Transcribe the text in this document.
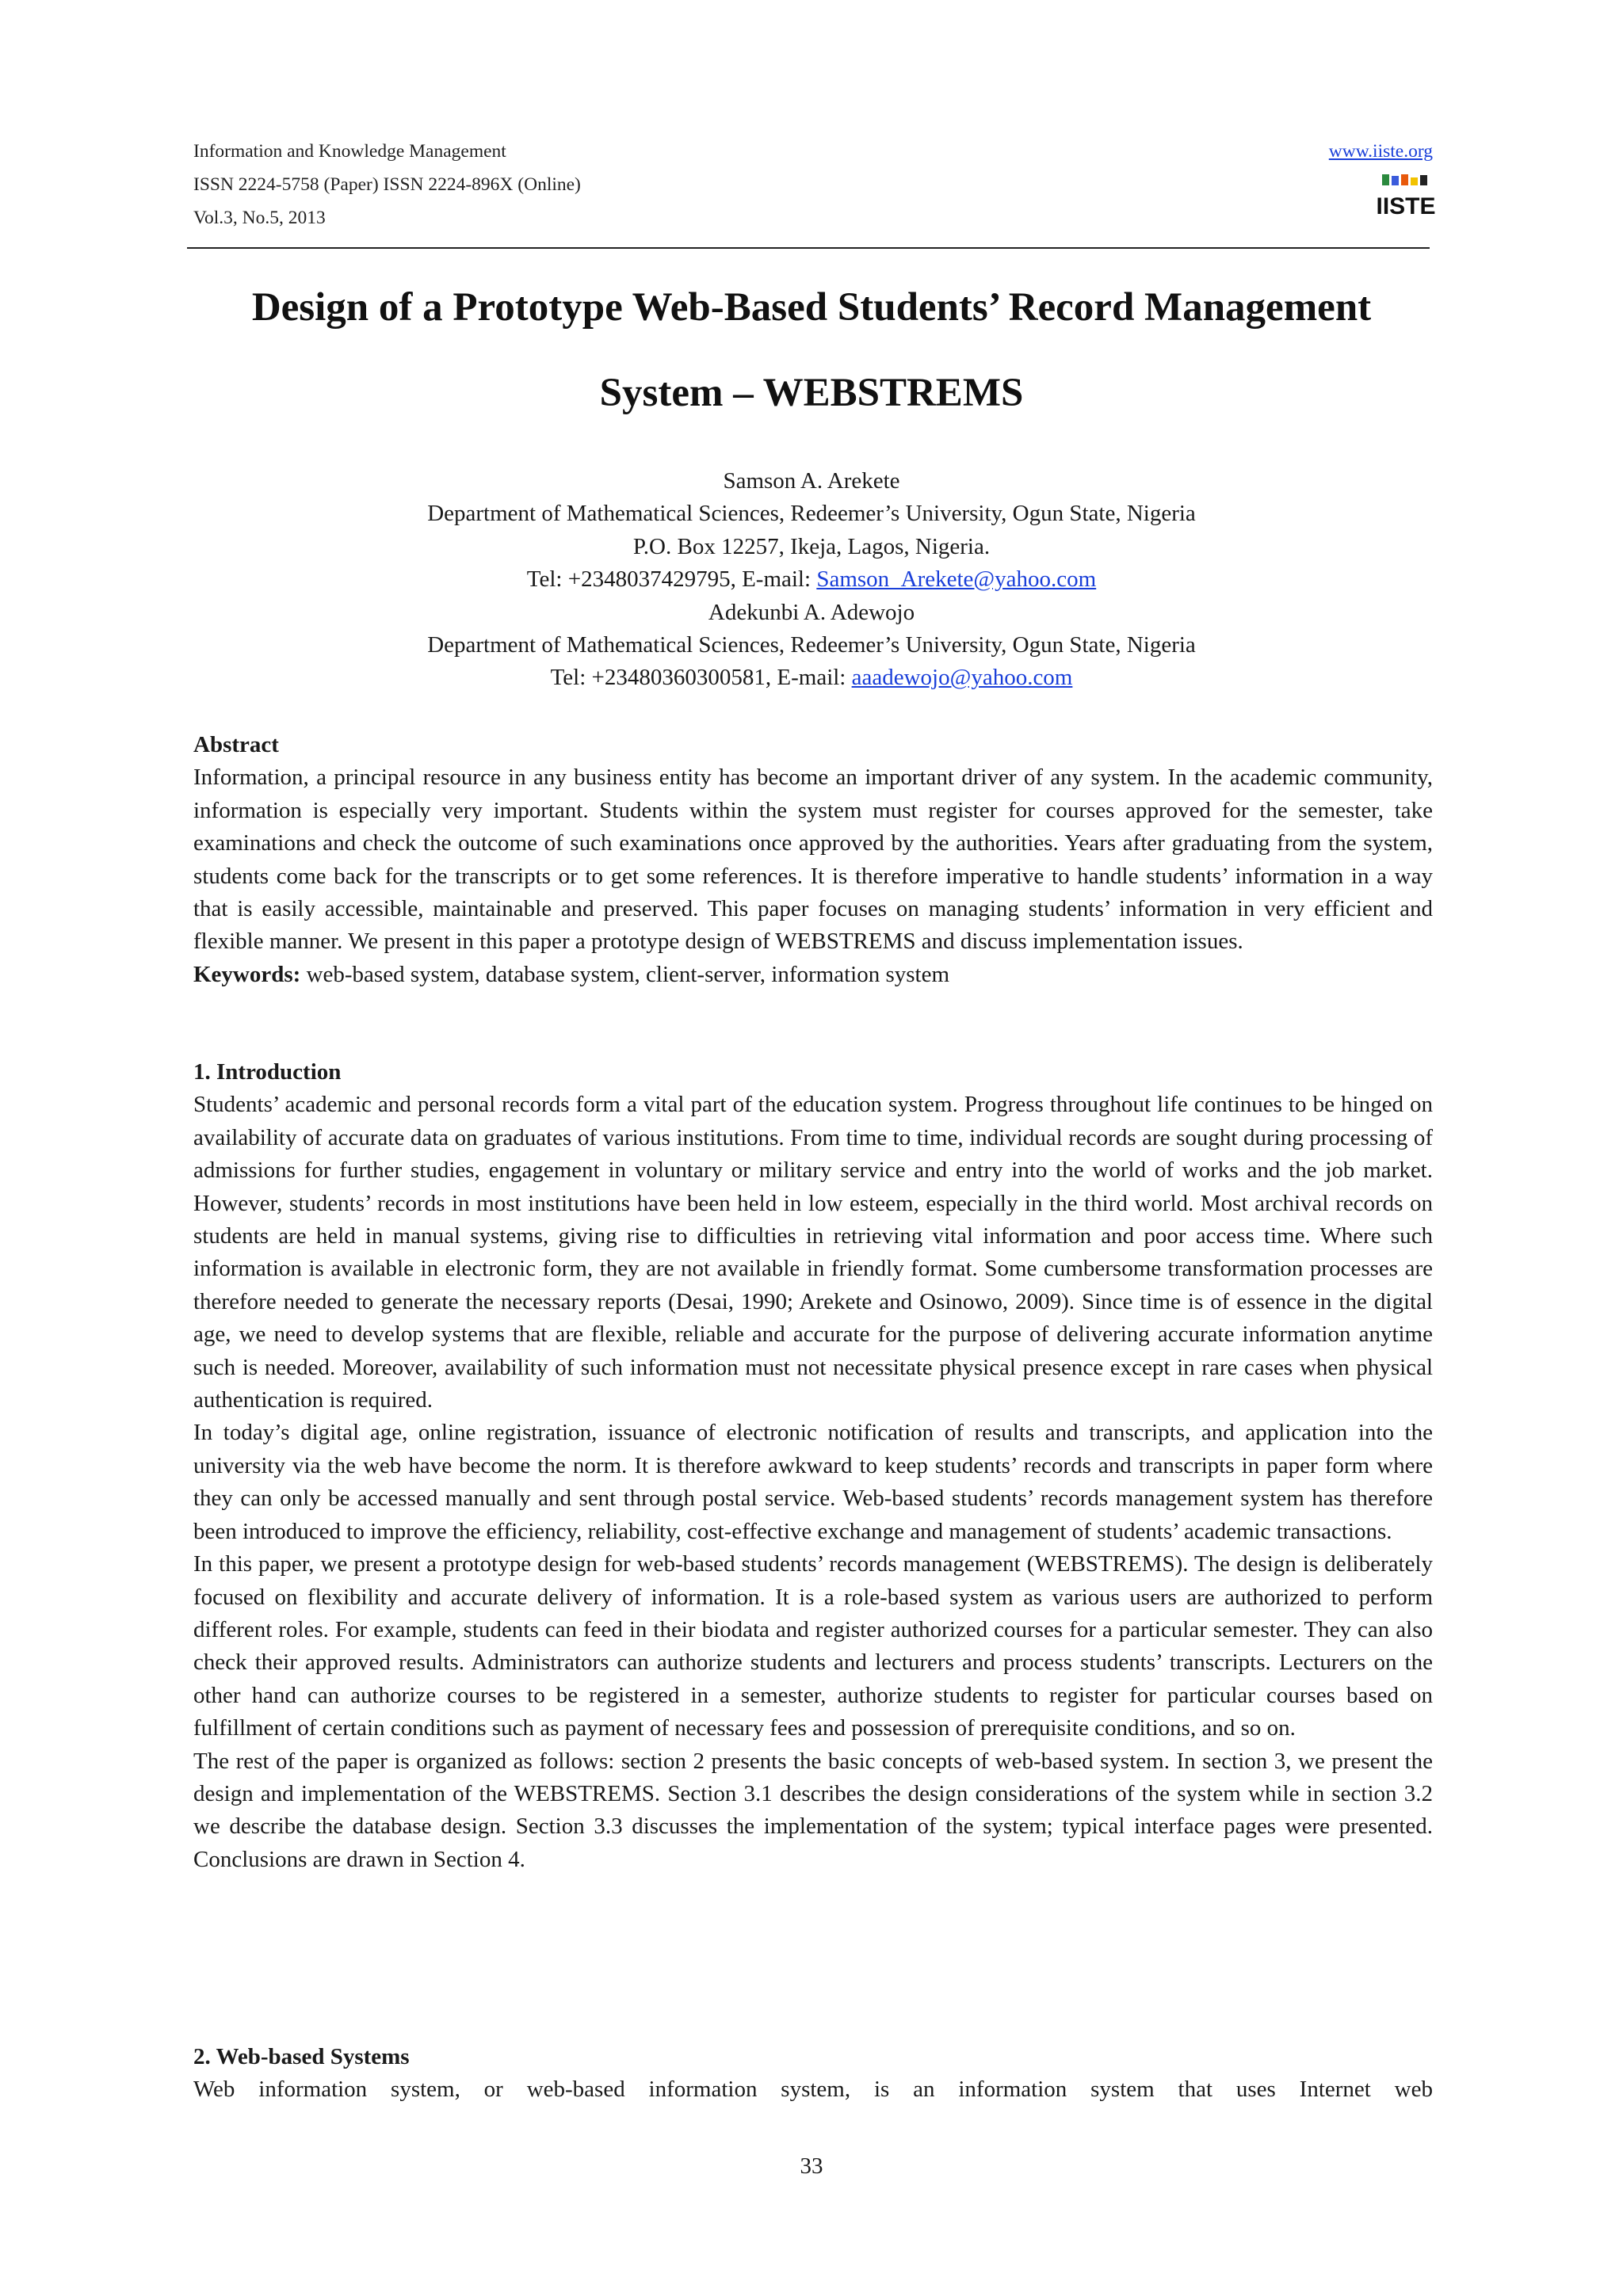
Information and Knowledge Management
ISSN 2224-5758 (Paper) ISSN 2224-896X (Online)
Vol.3, No.5, 2013
www.iiste.org
IISTE
Design of a Prototype Web-Based Students’ Record Management
System – WEBSTREMS
Samson A. Arekete
Department of Mathematical Sciences, Redeemer’s University, Ogun State, Nigeria
P.O. Box 12257, Ikeja, Lagos, Nigeria.
Tel: +2348037429795, E-mail: Samson_Arekete@yahoo.com
Adekunbi A. Adewojo
Department of Mathematical Sciences, Redeemer’s University, Ogun State, Nigeria
Tel: +23480360300581, E-mail: aaadewojo@yahoo.com

Abstract

Information, a principal resource in any business entity has become an important driver of any system. In the academic community, information is especially very important. Students within the system must register for courses approved for the semester, take examinations and check the outcome of such examinations once approved by the authorities. Years after graduating from the system, students come back for the transcripts or to get some references. It is therefore imperative to handle students’ information in a way that is easily accessible, maintainable and preserved. This paper focuses on managing students’ information in very efficient and flexible manner. We present in this paper a prototype design of WEBSTREMS and discuss implementation issues.

Keywords: web-based system, database system, client-server, information system

1. Introduction

Students’ academic and personal records form a vital part of the education system. Progress throughout life continues to be hinged on availability of accurate data on graduates of various institutions. From time to time, individual records are sought during processing of admissions for further studies, engagement in voluntary or military service and entry into the world of works and the job market. However, students’ records in most institutions have been held in low esteem, especially in the third world. Most archival records on students are held in manual systems, giving rise to difficulties in retrieving vital information and poor access time. Where such information is available in electronic form, they are not available in friendly format. Some cumbersome transformation processes are therefore needed to generate the necessary reports (Desai, 1990; Arekete and Osinowo, 2009). Since time is of essence in the digital age, we need to develop systems that are flexible, reliable and accurate for the purpose of delivering accurate information anytime such is needed. Moreover, availability of such information must not necessitate physical presence except in rare cases when physical authentication is required.

In today’s digital age, online registration, issuance of electronic notification of results and transcripts, and application into the university via the web have become the norm. It is therefore awkward to keep students’ records and transcripts in paper form where they can only be accessed manually and sent through postal service. Web-based students’ records management system has therefore been introduced to improve the efficiency, reliability, cost-effective exchange and management of students’ academic transactions.

In this paper, we present a prototype design for web-based students’ records management (WEBSTREMS). The design is deliberately focused on flexibility and accurate delivery of information. It is a role-based system as various users are authorized to perform different roles. For example, students can feed in their biodata and register authorized courses for a particular semester. They can also check their approved results. Administrators can authorize students and lecturers and process students’ transcripts. Lecturers on the other hand can authorize courses to be registered in a semester, authorize students to register for particular courses based on fulfillment of certain conditions such as payment of necessary fees and possession of prerequisite conditions, and so on.

The rest of the paper is organized as follows: section 2 presents the basic concepts of web-based system. In section 3, we present the design and implementation of the WEBSTREMS. Section 3.1 describes the design considerations of the system while in section 3.2 we describe the database design. Section 3.3 discusses the implementation of the system; typical interface pages were presented. Conclusions are drawn in Section 4.

2. Web-based Systems

Web information system, or web-based information system, is an information system that uses Internet web

33
